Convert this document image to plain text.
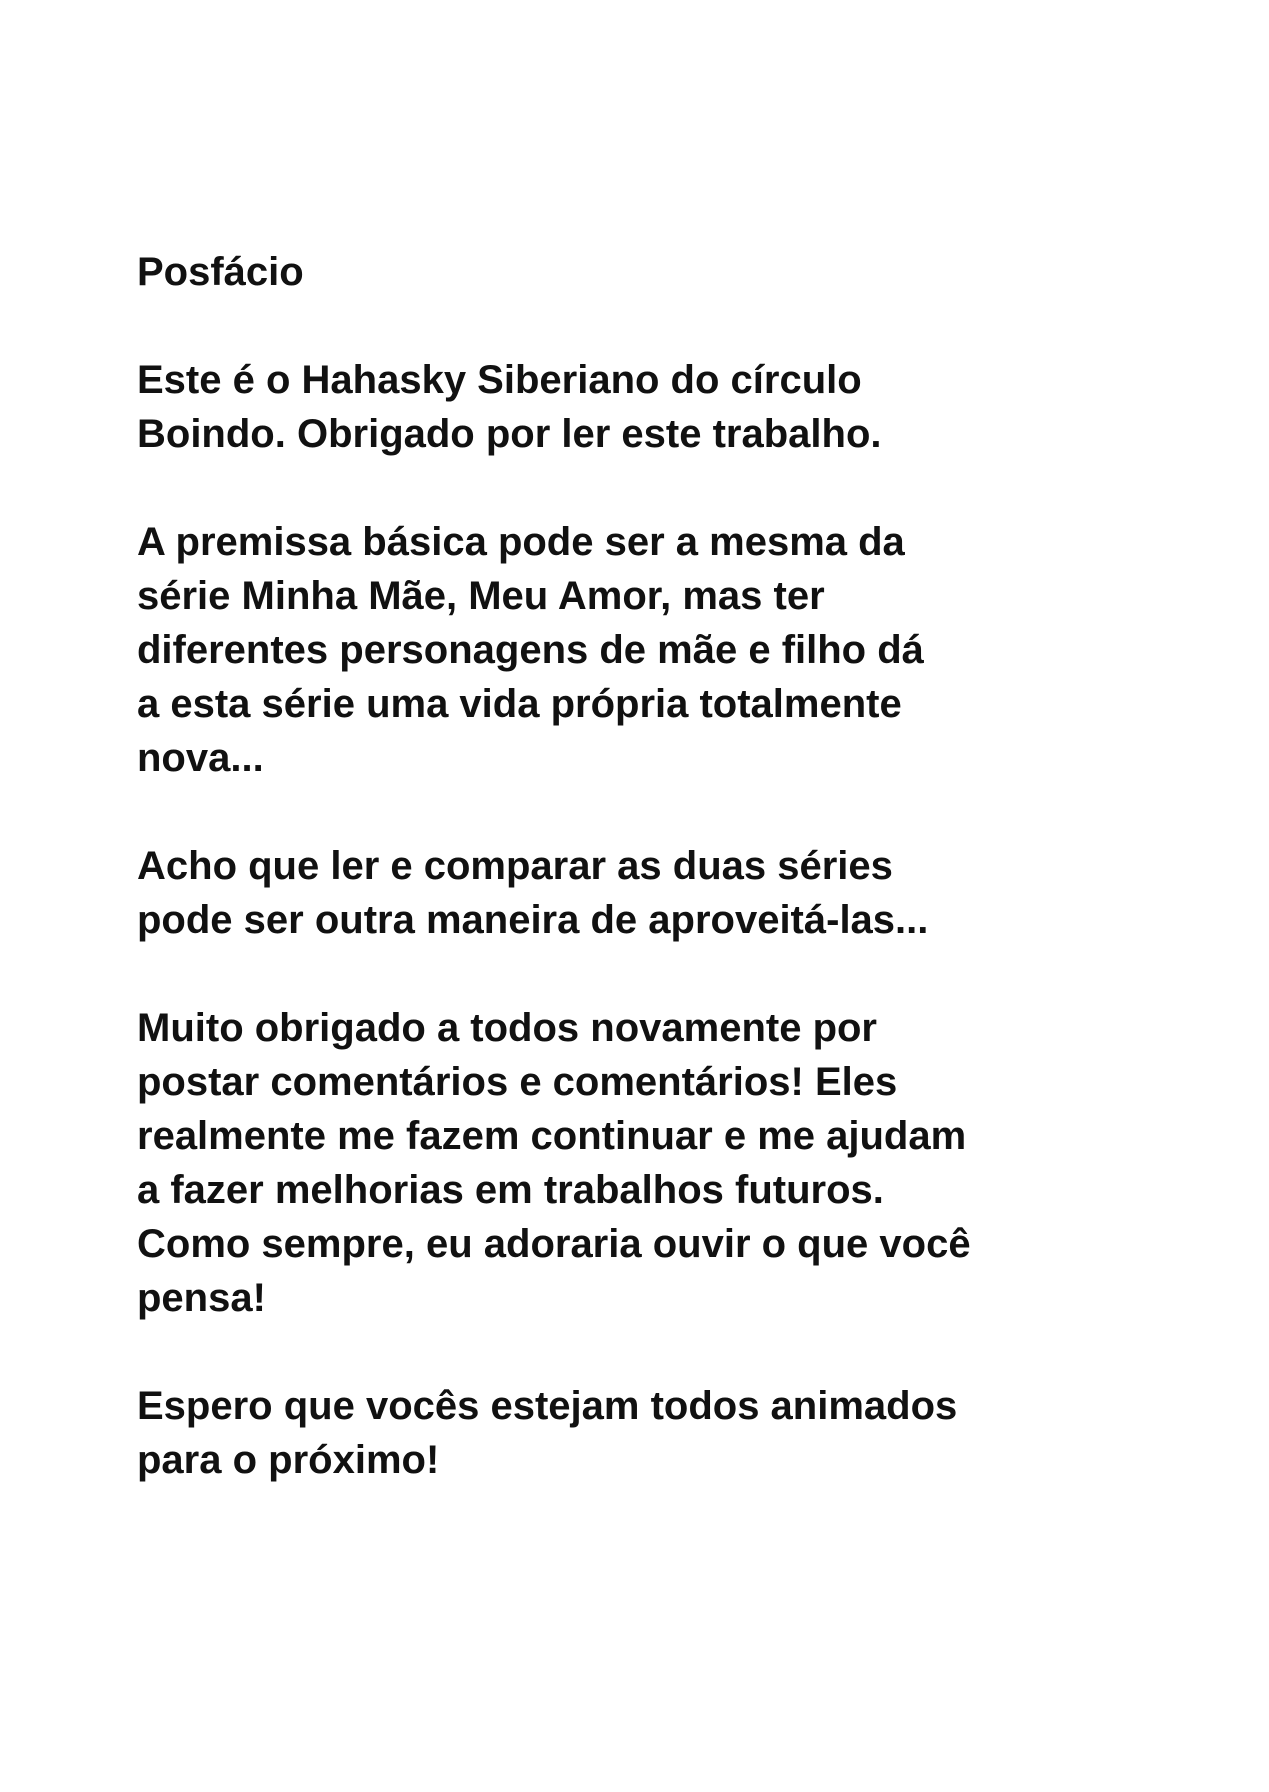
Posfácio
Este é o Hahasky Siberiano do círculo
Boindo. Obrigado por ler este trabalho.
A premissa básica pode ser a mesma da
série Minha Mãe, Meu Amor, mas ter
diferentes personagens de mãe e filho dá
a esta série uma vida própria totalmente
nova...
Acho que ler e comparar as duas séries
pode ser outra maneira de aproveitá-las...
Muito obrigado a todos novamente por
postar comentários e comentários! Eles
realmente me fazem continuar e me ajudam
a fazer melhorias em trabalhos futuros.
Como sempre, eu adoraria ouvir o que você
pensa!
Espero que vocês estejam todos animados
para o próximo!
